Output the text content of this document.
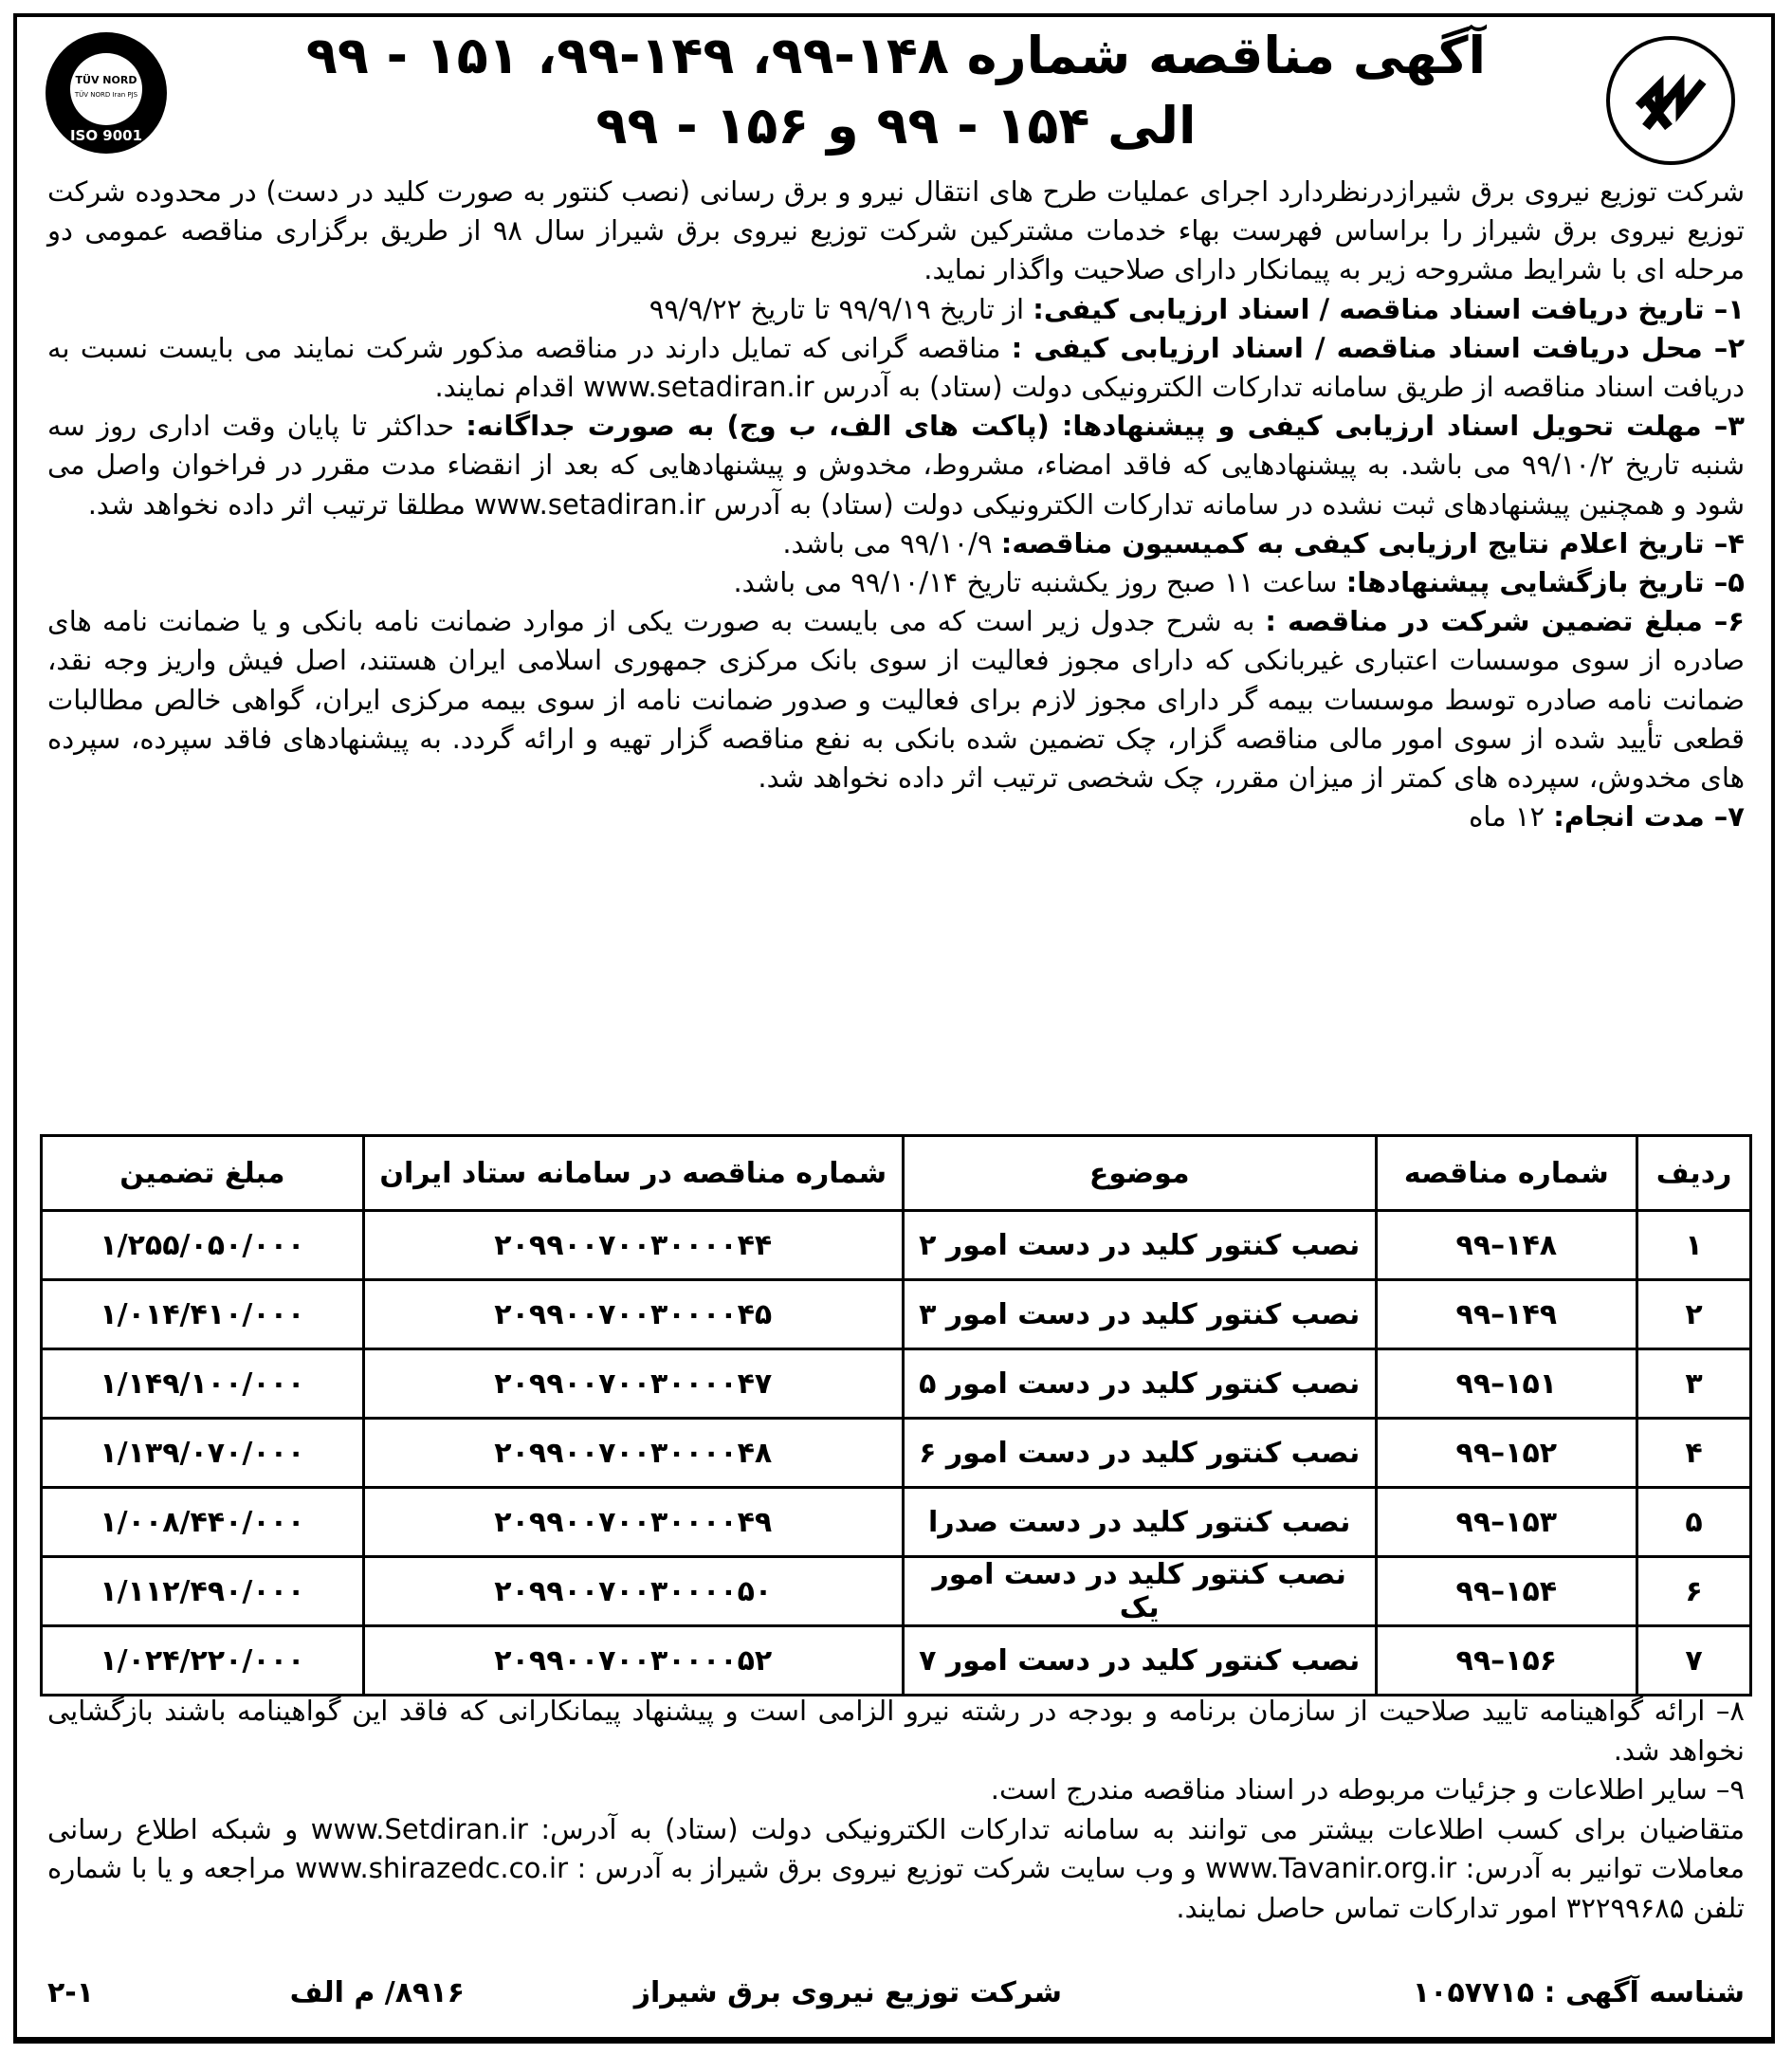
TÜV NORD
TÜV NORD Iran PJS
ISO 9001
آگهی مناقصه شماره ۱۴۸-۹۹، ۱۴۹-۹۹، ۱۵۱ - ۹۹
الی ۱۵۴ - ۹۹ و ۱۵۶ - ۹۹

شرکت توزیع نیروی برق شیرازدرنظردارد اجرای عملیات طرح های انتقال نیرو و برق رسانی (نصب کنتور به صورت کلید در دست) در محدوده شرکت توزیع نیروی برق شیراز را براساس فهرست بهاء خدمات مشترکین شرکت توزیع نیروی برق شیراز سال ۹۸ از طریق برگزاری مناقصه عمومی دو مرحله ای با شرایط مشروحه زیر به پیمانکار دارای صلاحیت واگذار نماید.

۱– تاریخ دریافت اسناد مناقصه / اسناد ارزیابی کیفی: از تاریخ ۹۹/۹/۱۹ تا تاریخ ۹۹/۹/۲۲

۲– محل دریافت اسناد مناقصه / اسناد ارزیابی کیفی : مناقصه گرانی که تمایل دارند در مناقصه مذکور شرکت نمایند می بایست نسبت به دریافت اسناد مناقصه از طریق سامانه تدارکات الکترونیکی دولت (ستاد) به آدرس www.setadiran.ir اقدام نمایند.

۳– مهلت تحویل اسناد ارزیابی کیفی و پیشنهادها: (پاکت های الف، ب وج) به صورت جداگانه: حداکثر تا پایان وقت اداری روز سه شنبه تاریخ ۹۹/۱۰/۲ می باشد. به پیشنهادهایی که فاقد امضاء، مشروط، مخدوش و پیشنهادهایی که بعد از انقضاء مدت مقرر در فراخوان واصل می شود و همچنین پیشنهادهای ثبت نشده در سامانه تدارکات الکترونیکی دولت (ستاد) به آدرس www.setadiran.ir مطلقا ترتیب اثر داده نخواهد شد.

۴– تاریخ اعلام نتایج ارزیابی کیفی به کمیسیون مناقصه: ۹۹/۱۰/۹ می باشد.

۵– تاریخ بازگشایی پیشنهادها: ساعت ۱۱ صبح روز یکشنبه تاریخ ۹۹/۱۰/۱۴ می باشد.

۶– مبلغ تضمین شرکت در مناقصه : به شرح جدول زیر است که می بایست به صورت یکی از موارد ضمانت نامه بانکی و یا ضمانت نامه های صادره از سوی موسسات اعتباری غیربانکی که دارای مجوز فعالیت از سوی بانک مرکزی جمهوری اسلامی ایران هستند، اصل فیش واریز وجه نقد، ضمانت نامه صادره توسط موسسات بیمه گر دارای مجوز لازم برای فعالیت و صدور ضمانت نامه از سوی بیمه مرکزی ایران، گواهی خالص مطالبات قطعی تأیید شده از سوی امور مالی مناقصه گزار، چک تضمین شده بانکی به نفع مناقصه گزار تهیه و ارائه گردد. به پیشنهادهای فاقد سپرده، سپرده های مخدوش، سپرده های کمتر از میزان مقرر، چک شخصی ترتیب اثر داده نخواهد شد.

۷– مدت انجام: ۱۲ ماه

ردیف	شماره مناقصه	موضوع	شماره مناقصه در سامانه ستاد ایران	مبلغ تضمین
۱	۱۴۸–۹۹	نصب کنتور کلید در دست امور ۲	۲۰۹۹۰۰۷۰۰۳۰۰۰۰۴۴	۱/۲۵۵/۰۵۰/۰۰۰
۲	۱۴۹–۹۹	نصب کنتور کلید در دست امور ۳	۲۰۹۹۰۰۷۰۰۳۰۰۰۰۴۵	۱/۰۱۴/۴۱۰/۰۰۰
۳	۱۵۱–۹۹	نصب کنتور کلید در دست امور ۵	۲۰۹۹۰۰۷۰۰۳۰۰۰۰۴۷	۱/۱۴۹/۱۰۰/۰۰۰
۴	۱۵۲–۹۹	نصب کنتور کلید در دست امور ۶	۲۰۹۹۰۰۷۰۰۳۰۰۰۰۴۸	۱/۱۳۹/۰۷۰/۰۰۰
۵	۱۵۳–۹۹	نصب کنتور کلید در دست صدرا	۲۰۹۹۰۰۷۰۰۳۰۰۰۰۴۹	۱/۰۰۸/۴۴۰/۰۰۰
۶	۱۵۴–۹۹	نصب کنتور کلید در دست امور یک	۲۰۹۹۰۰۷۰۰۳۰۰۰۰۵۰	۱/۱۱۲/۴۹۰/۰۰۰
۷	۱۵۶–۹۹	نصب کنتور کلید در دست امور ۷	۲۰۹۹۰۰۷۰۰۳۰۰۰۰۵۲	۱/۰۲۴/۲۲۰/۰۰۰

۸– ارائه گواهینامه تایید صلاحیت از سازمان برنامه و بودجه در رشته نیرو الزامی است و پیشنهاد پیمانکارانی که فاقد این گواهینامه باشند بازگشایی نخواهد شد.

۹– سایر اطلاعات و جزئیات مربوطه در اسناد مناقصه مندرج است.

متقاضیان برای کسب اطلاعات بیشتر می توانند به سامانه تدارکات الکترونیکی دولت (ستاد) به آدرس: www.Setdiran.ir و شبکه اطلاع رسانی معاملات توانیر به آدرس: www.Tavanir.org.ir و وب سایت شرکت توزیع نیروی برق شیراز به آدرس : www.shirazedc.co.ir مراجعه و یا با شماره تلفن ۳۲۲۹۹۶۸۵ امور تدارکات تماس حاصل نمایند.

شناسه آگهی : ۱۰۵۷۷۱۵
شرکت توزیع نیروی برق شیراز
۸۹۱۶/ م الف
۲-۱
